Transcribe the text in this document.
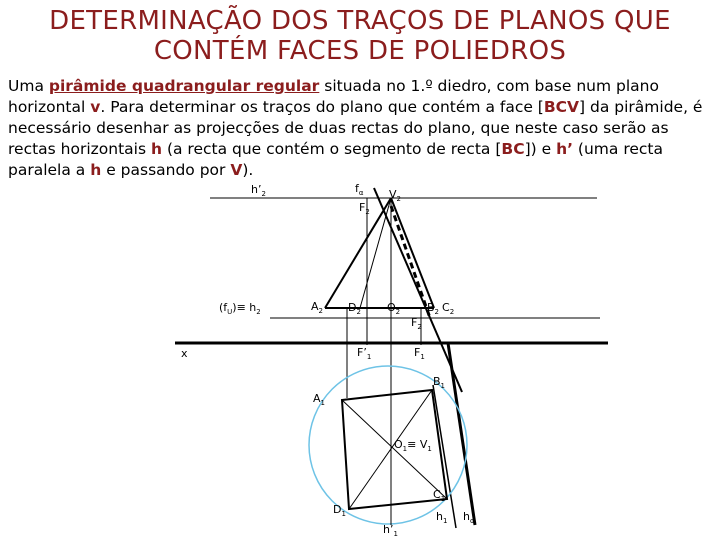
DETERMINAÇÃO DOS TRAÇOS DE PLANOS QUE
CONTÉM FACES DE POLIEDROS
Uma pirâmide quadrangular regular situada no 1.º diedro, com base num plano horizontal v. Para determinar os traços do plano que contém a face [BCV] da pirâmide, é necessário desenhar as projecções de duas rectas do plano, que neste caso serão as rectas horizontais h (a recta que contém o segmento de recta [BC]) e h’ (uma recta paralela a h e passando por V).
$f_\alpha$ $V_2$
$h’_2$
$F_2$
$(f_U)\equiv h_2$	$A_2$ $D_2$ $O_2$ $B_2$ $C_2$
$F_2$
x	$F’_1$	$F_1$
$B_1$
$A_1$
$O_1\equiv V_1$
$C_1$
$D_1$	$h_1$ $h_\alpha$
$h’_1$
